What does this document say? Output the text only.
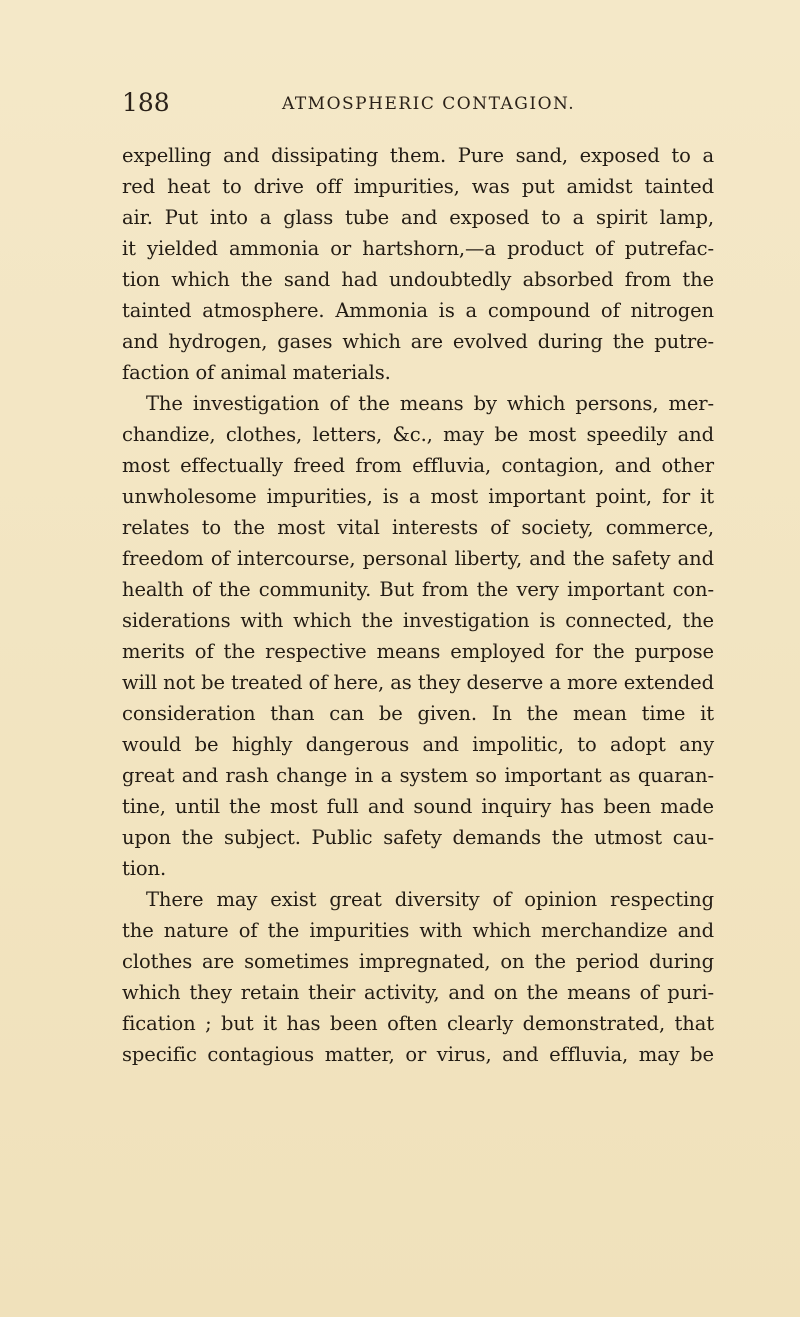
188	ATMOSPHERIC CONTAGION.
expelling and dissipating them. Pure sand, exposed to a
red heat to drive off impurities, was put amidst tainted
air. Put into a glass tube and exposed to a spirit lamp,
it yielded ammonia or hartshorn,—a product of putrefac-
tion which the sand had undoubtedly absorbed from the
tainted atmosphere. Ammonia is a compound of nitrogen
and hydrogen, gases which are evolved during the putre-
faction of animal materials.
The investigation of the means by which persons, mer-
chandize, clothes, letters, &c., may be most speedily and
most effectually freed from effluvia, contagion, and other
unwholesome impurities, is a most important point, for it
relates to the most vital interests of society, commerce,
freedom of intercourse, personal liberty, and the safety and
health of the community. But from the very important con-
siderations with which the investigation is connected, the
merits of the respective means employed for the purpose
will not be treated of here, as they deserve a more extended
consideration than can be given. In the mean time it
would be highly dangerous and impolitic, to adopt any
great and rash change in a system so important as quaran-
tine, until the most full and sound inquiry has been made
upon the subject. Public safety demands the utmost cau-
tion.
There may exist great diversity of opinion respecting
the nature of the impurities with which merchandize and
clothes are sometimes impregnated, on the period during
which they retain their activity, and on the means of puri-
fication ; but it has been often clearly demonstrated, that
specific contagious matter, or virus, and effluvia, may be
